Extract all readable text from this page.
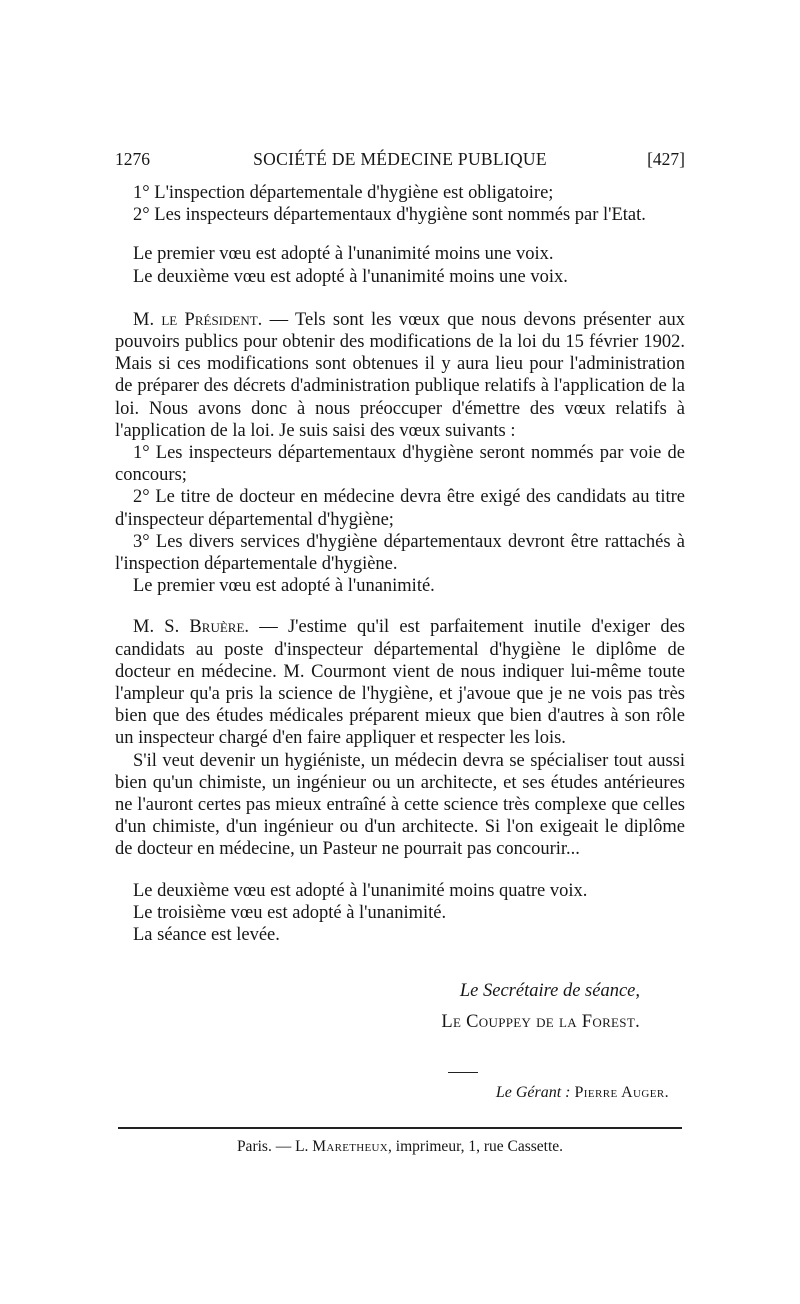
1276	SOCIÉTÉ DE MÉDECINE PUBLIQUE	[427]

1° L'inspection départementale d'hygiène est obligatoire;

2° Les inspecteurs départementaux d'hygiène sont nommés par l'Etat.

Le premier vœu est adopté à l'unanimité moins une voix.

Le deuxième vœu est adopté à l'unanimité moins une voix.

M. le Président. — Tels sont les vœux que nous devons présenter aux pouvoirs publics pour obtenir des modifications de la loi du 15 février 1902. Mais si ces modifications sont obtenues il y aura lieu pour l'administration de préparer des décrets d'administration publique relatifs à l'application de la loi. Nous avons donc à nous préoccuper d'émettre des vœux relatifs à l'application de la loi. Je suis saisi des vœux suivants :

1° Les inspecteurs départementaux d'hygiène seront nommés par voie de concours;

2° Le titre de docteur en médecine devra être exigé des candidats au titre d'inspecteur départemental d'hygiène;

3° Les divers services d'hygiène départementaux devront être rattachés à l'inspection départementale d'hygiène.

Le premier vœu est adopté à l'unanimité.

M. S. Bruère. — J'estime qu'il est parfaitement inutile d'exiger des candidats au poste d'inspecteur départemental d'hygiène le diplôme de docteur en médecine. M. Courmont vient de nous indiquer lui-même toute l'ampleur qu'a pris la science de l'hygiène, et j'avoue que je ne vois pas très bien que des études médicales préparent mieux que bien d'autres à son rôle un inspecteur chargé d'en faire appliquer et respecter les lois.

S'il veut devenir un hygiéniste, un médecin devra se spécialiser tout aussi bien qu'un chimiste, un ingénieur ou un architecte, et ses études antérieures ne l'auront certes pas mieux entraîné à cette science très complexe que celles d'un chimiste, d'un ingénieur ou d'un architecte. Si l'on exigeait le diplôme de docteur en médecine, un Pasteur ne pourrait pas concourir...

Le deuxième vœu est adopté à l'unanimité moins quatre voix.

Le troisième vœu est adopté à l'unanimité.

La séance est levée.

Le Secrétaire de séance,
Le Couppey de la Forest.
Le Gérant : Pierre Auger.
Paris. — L. Maretheux, imprimeur, 1, rue Cassette.
